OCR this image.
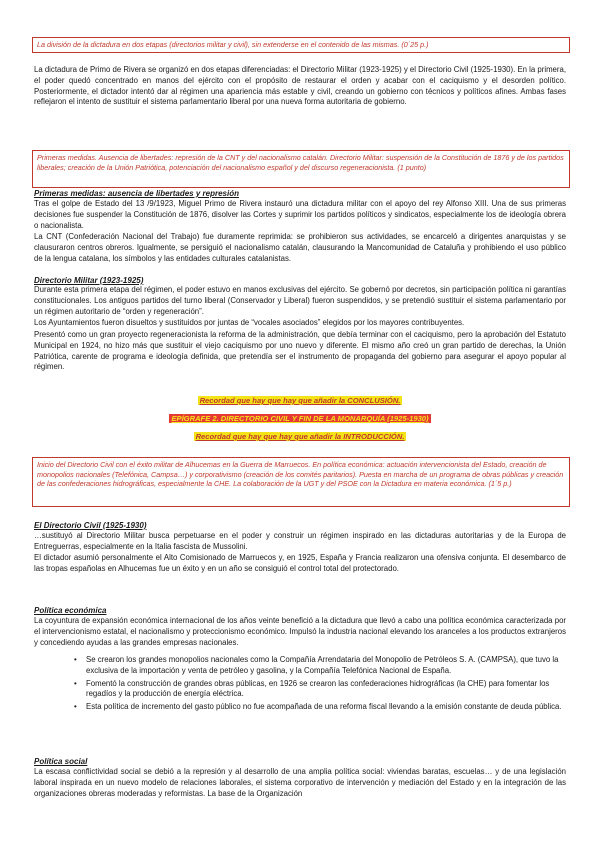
La división de la dictadura en dos etapas (directorios militar y civil), sin extenderse en el contenido de las mismas. (0´25 p.)
La dictadura de Primo de Rivera se organizó en dos etapas diferenciadas: el Directorio Militar (1923-1925) y el Directorio Civil (1925-1930). En la primera, el poder quedó concentrado en manos del ejército con el propósito de restaurar el orden y acabar con el caciquismo y el desorden político. Posteriormente, el dictador intentó dar al régimen una apariencia más estable y civil, creando un gobierno con técnicos y políticos afines. Ambas fases reflejaron el intento de sustituir el sistema parlamentario liberal por una nueva forma autoritaria de gobierno.
Primeras medidas. Ausencia de libertades: represión de la CNT y del nacionalismo catalán. Directorio Militar: suspensión de la Constitución de 1876 y de los partidos liberales; creación de la Unión Patriótica, potenciación del nacionalismo español y del discurso regeneracionista. (1 punto)
Primeras medidas: ausencia de libertades y represión
Tras el golpe de Estado del 13 /9/1923, Miguel Primo de Rivera instauró una dictadura militar con el apoyo del rey Alfonso XIII. Una de sus primeras decisiones fue suspender la Constitución de 1876, disolver las Cortes y suprimir los partidos políticos y sindicatos, especialmente los de ideología obrera o nacionalista.
La CNT (Confederación Nacional del Trabajo) fue duramente reprimida: se prohibieron sus actividades, se encarceló a dirigentes anarquistas y se clausuraron centros obreros. Igualmente, se persiguió el nacionalismo catalán, clausurando la Mancomunidad de Cataluña y prohibiendo el uso público de la lengua catalana, los símbolos y las entidades culturales catalanistas.
Directorio Militar (1923-1925)
Durante esta primera etapa del régimen, el poder estuvo en manos exclusivas del ejército. Se gobernó por decretos, sin participación política ni garantías constitucionales. Los antiguos partidos del turno liberal (Conservador y Liberal) fueron suspendidos, y se pretendió sustituir el sistema parlamentario por un régimen autoritario de “orden y regeneración”.
Los Ayuntamientos fueron disueltos y sustituidos por juntas de “vocales asociados” elegidos por los mayores contribuyentes.
Presentó como un gran proyecto regeneracionista la reforma de la administración, que debía terminar con el caciquismo, pero la aprobación del Estatuto Municipal en 1924, no hizo más que sustituir el viejo caciquismo por uno nuevo y diferente. El mismo año creó un gran partido de derechas, la Unión Patriótica, carente de programa e ideología definida, que pretendía ser el instrumento de propaganda del gobierno para asegurar el apoyo popular al régimen.
Recordad que hay que hay que añadir la CONCLUSIÓN.
EPÍGRAFE 2. DIRECTORIO CIVIL Y FIN DE LA MONARQUÍA (1925-1930)
Recordad que hay que hay que añadir la INTRODUCCIÓN.
Inicio del Directorio Civil con el éxito militar de Alhucemas en la Guerra de Marruecos. En política económica: actuación intervencionista del Estado, creación de monopolios nacionales (Telefónica, Campsa…) y corporativismo (creación de los comités paritarios). Puesta en marcha de un programa de obras públicas y creación de las confederaciones hidrográficas, especialmente la CHE. La colaboración de la UGT y del PSOE con la Dictadura en materia económica. (1´5 p.)
El Directorio Civil (1925-1930)
…sustituyó al Directorio Militar busca perpetuarse en el poder y construir un régimen inspirado en las dictaduras autoritarias y de la Europa de Entreguerras, especialmente en la Italia fascista de Mussolini.
El dictador asumió personalmente el Alto Comisionado de Marruecos y, en 1925, España y Francia realizaron una ofensiva conjunta. El desembarco de las tropas españolas en Alhucemas fue un éxito y en un año se consiguió el control total del protectorado.
Política económica
La coyuntura de expansión económica internacional de los años veinte benefició a la dictadura que llevó a cabo una política económica caracterizada por el intervencionismo estatal, el nacionalismo y proteccionismo económico. Impulsó la industria nacional elevando los aranceles a los productos extranjeros y concediendo ayudas a las grandes empresas nacionales.
• Se crearon los grandes monopolios nacionales como la Compañía Arrendataria del Monopolio de Petróleos S. A. (CAMPSA), que tuvo la exclusiva de la importación y venta de petróleo y gasolina, y la Compañía Telefónica Nacional de España.
• Fomentó la construcción de grandes obras públicas, en 1926 se crearon las confederaciones hidrográficas (la CHE) para fomentar los regadíos y la producción de energía eléctrica.
• Esta política de incremento del gasto público no fue acompañada de una reforma fiscal llevando a la emisión constante de deuda pública.
Política social
La escasa conflictividad social se debió a la represión y al desarrollo de una amplia política social: viviendas baratas, escuelas… y de una legislación laboral inspirada en un nuevo modelo de relaciones laborales, el sistema corporativo de intervención y mediación del Estado y en la integración de las organizaciones obreras moderadas y reformistas. La base de la Organización
